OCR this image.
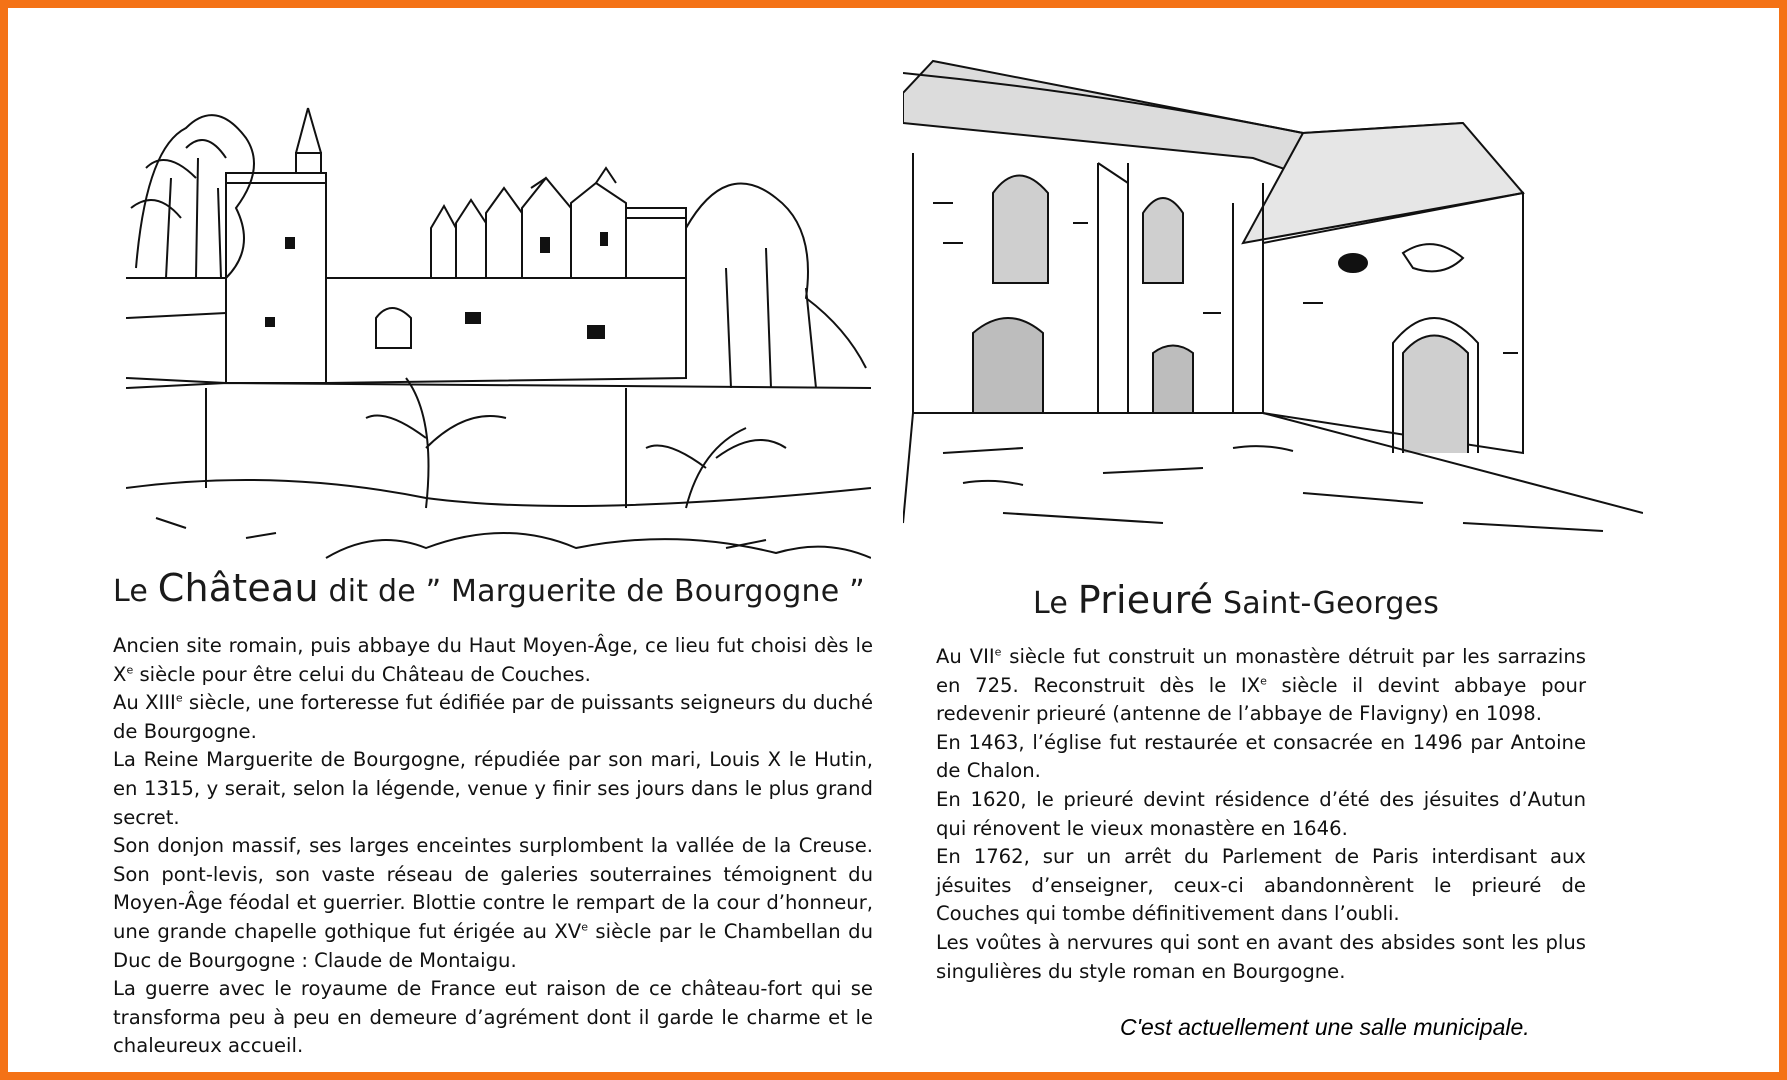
Le Château dit de ” Marguerite de Bourgogne ”

Ancien site romain, puis abbaye du Haut Moyen-Âge, ce lieu fut choisi dès le Xe siècle pour être celui du Château de Couches.

Au XIIIe siècle, une forteresse fut édifiée par de puissants seigneurs du duché de Bourgogne.

La Reine Marguerite de Bourgogne, répudiée par son mari, Louis X le Hutin, en 1315, y serait, selon la légende, venue y finir ses jours dans le plus grand secret.

Son donjon massif, ses larges enceintes surplombent la vallée de la Creuse. Son pont-levis, son vaste réseau de galeries souterraines témoignent du Moyen-Âge féodal et guerrier. Blottie contre le rempart de la cour d’honneur, une grande chapelle gothique fut érigée au XVe siècle par le Chambellan du Duc de Bourgogne : Claude de Montaigu.

La guerre avec le royaume de France eut raison de ce château-fort qui se transforma peu à peu en demeure d’agrément dont il garde le charme et le chaleureux accueil.

Le Prieuré Saint-Georges

Au VIIe siècle fut construit un monastère détruit par les sarrazins en 725. Reconstruit dès le IXe siècle il devint abbaye pour redevenir prieuré (antenne de l’abbaye de Flavigny) en 1098.

En 1463, l’église fut restaurée et consacrée en 1496 par Antoine de Chalon.

En 1620, le prieuré devint résidence d’été des jésuites d’Autun qui rénovent le vieux monastère en 1646.

En 1762, sur un arrêt du Parlement de Paris interdisant aux jésuites d’enseigner, ceux-ci abandonnèrent le prieuré de Couches qui tombe définitivement dans l’oubli.

Les voûtes à nervures qui sont en avant des absides sont les plus singulières du style roman en Bourgogne.

C'est actuellement une salle municipale.
